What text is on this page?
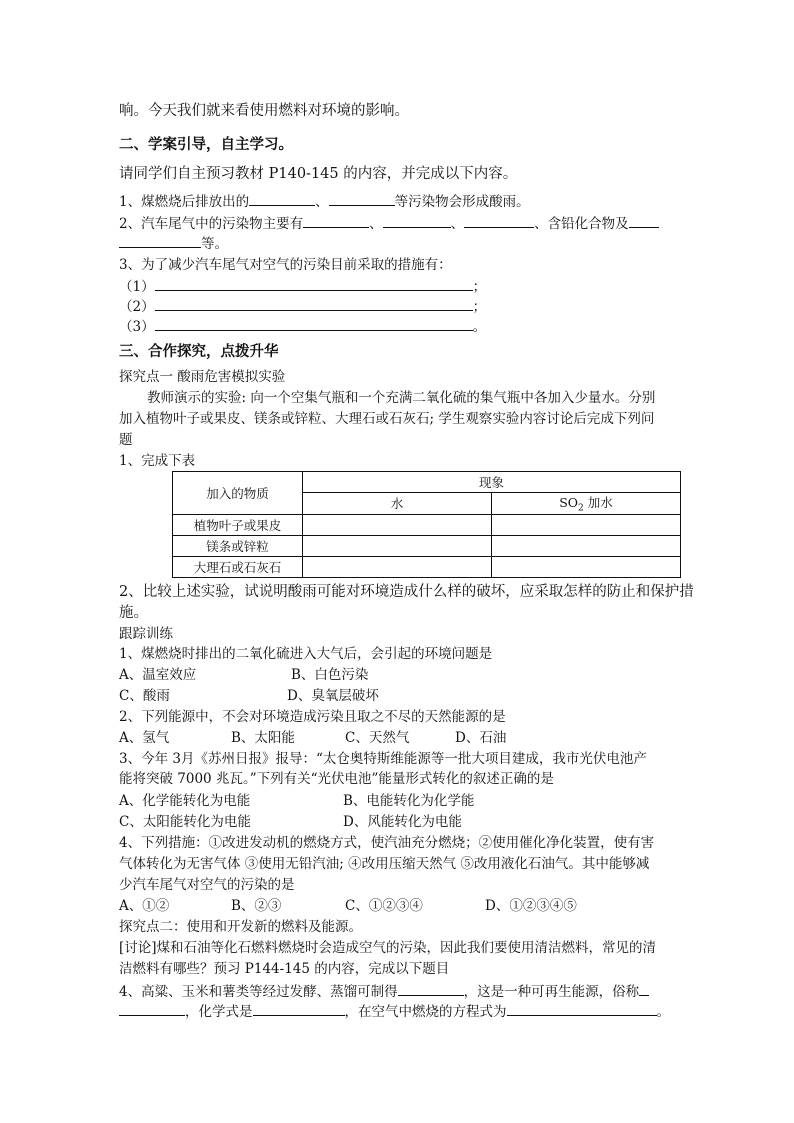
响。今天我们就来看使用燃料对环境的影响。
二、学案引导，自主学习。
请同学们自主预习教材 P140-145 的内容，并完成以下内容。
1、煤燃烧后排放出的	、	等污染物会形成酸雨。
2、汽车尾气中的污染物主要有	、	、	、含铅化合物及
等。
3、为了减少汽车尾气对空气的污染目前采取的措施有：
（1）	；
（2）	；
（3）	。
三、合作探究，点拨升华
探究点一 酸雨危害模拟实验
教师演示的实验: 向一个空集气瓶和一个充满二氧化硫的集气瓶中各加入少量水。分别
加入植物叶子或果皮、镁条或锌粒、大理石或石灰石; 学生观察实验内容讨论后完成下列问
题
1、完成下表
加入的物质	现象	
	水	$SO_2$ 加水
植物叶子或果皮		
镁条或锌粒		
大理石或石灰石		
2、比较上述实验，试说明酸雨可能对环境造成什么样的破坏，应采取怎样的防止和保护措
施。
跟踪训练
1、煤燃烧时排出的二氧化硫进入大气后，会引起的环境问题是
A、温室效应	B、白色污染
C、酸雨	D、臭氧层破坏
2、下列能源中，不会对环境造成污染且取之不尽的天然能源的是
A、氢气	B、太阳能	C、天然气	D、石油
3、今年 3月《苏州日报》报导：“太仓奥特斯维能源等一批大项目建成，我市光伏电池产
能将突破 7000 兆瓦。”下列有关“光伏电池”能量形式转化的叙述正确的是
A、化学能转化为电能	B、电能转化为化学能
C、太阳能转化为电能	D、风能转化为电能
4、下列措施：①改进发动机的燃烧方式，使汽油充分燃烧；②使用催化净化装置，使有害
气体转化为无害气体 ③使用无铅汽油; ④改用压缩天然气 ⑤改用液化石油气。其中能够减
少汽车尾气对空气的污染的是
A、①②	B、②③	C、①②③④	D、①②③④⑤
探究点二：使用和开发新的燃料及能源。
[讨论]煤和石油等化石燃料燃烧时会造成空气的污染，因此我们要使用清洁燃料，常见的清
洁燃料有哪些？预习 P144-145 的内容，完成以下题目
4、高粱、玉米和薯类等经过发酵、蒸馏可制得	，这是一种可再生能源，俗称
，化学式是	，在空气中燃烧的方程式为	。
